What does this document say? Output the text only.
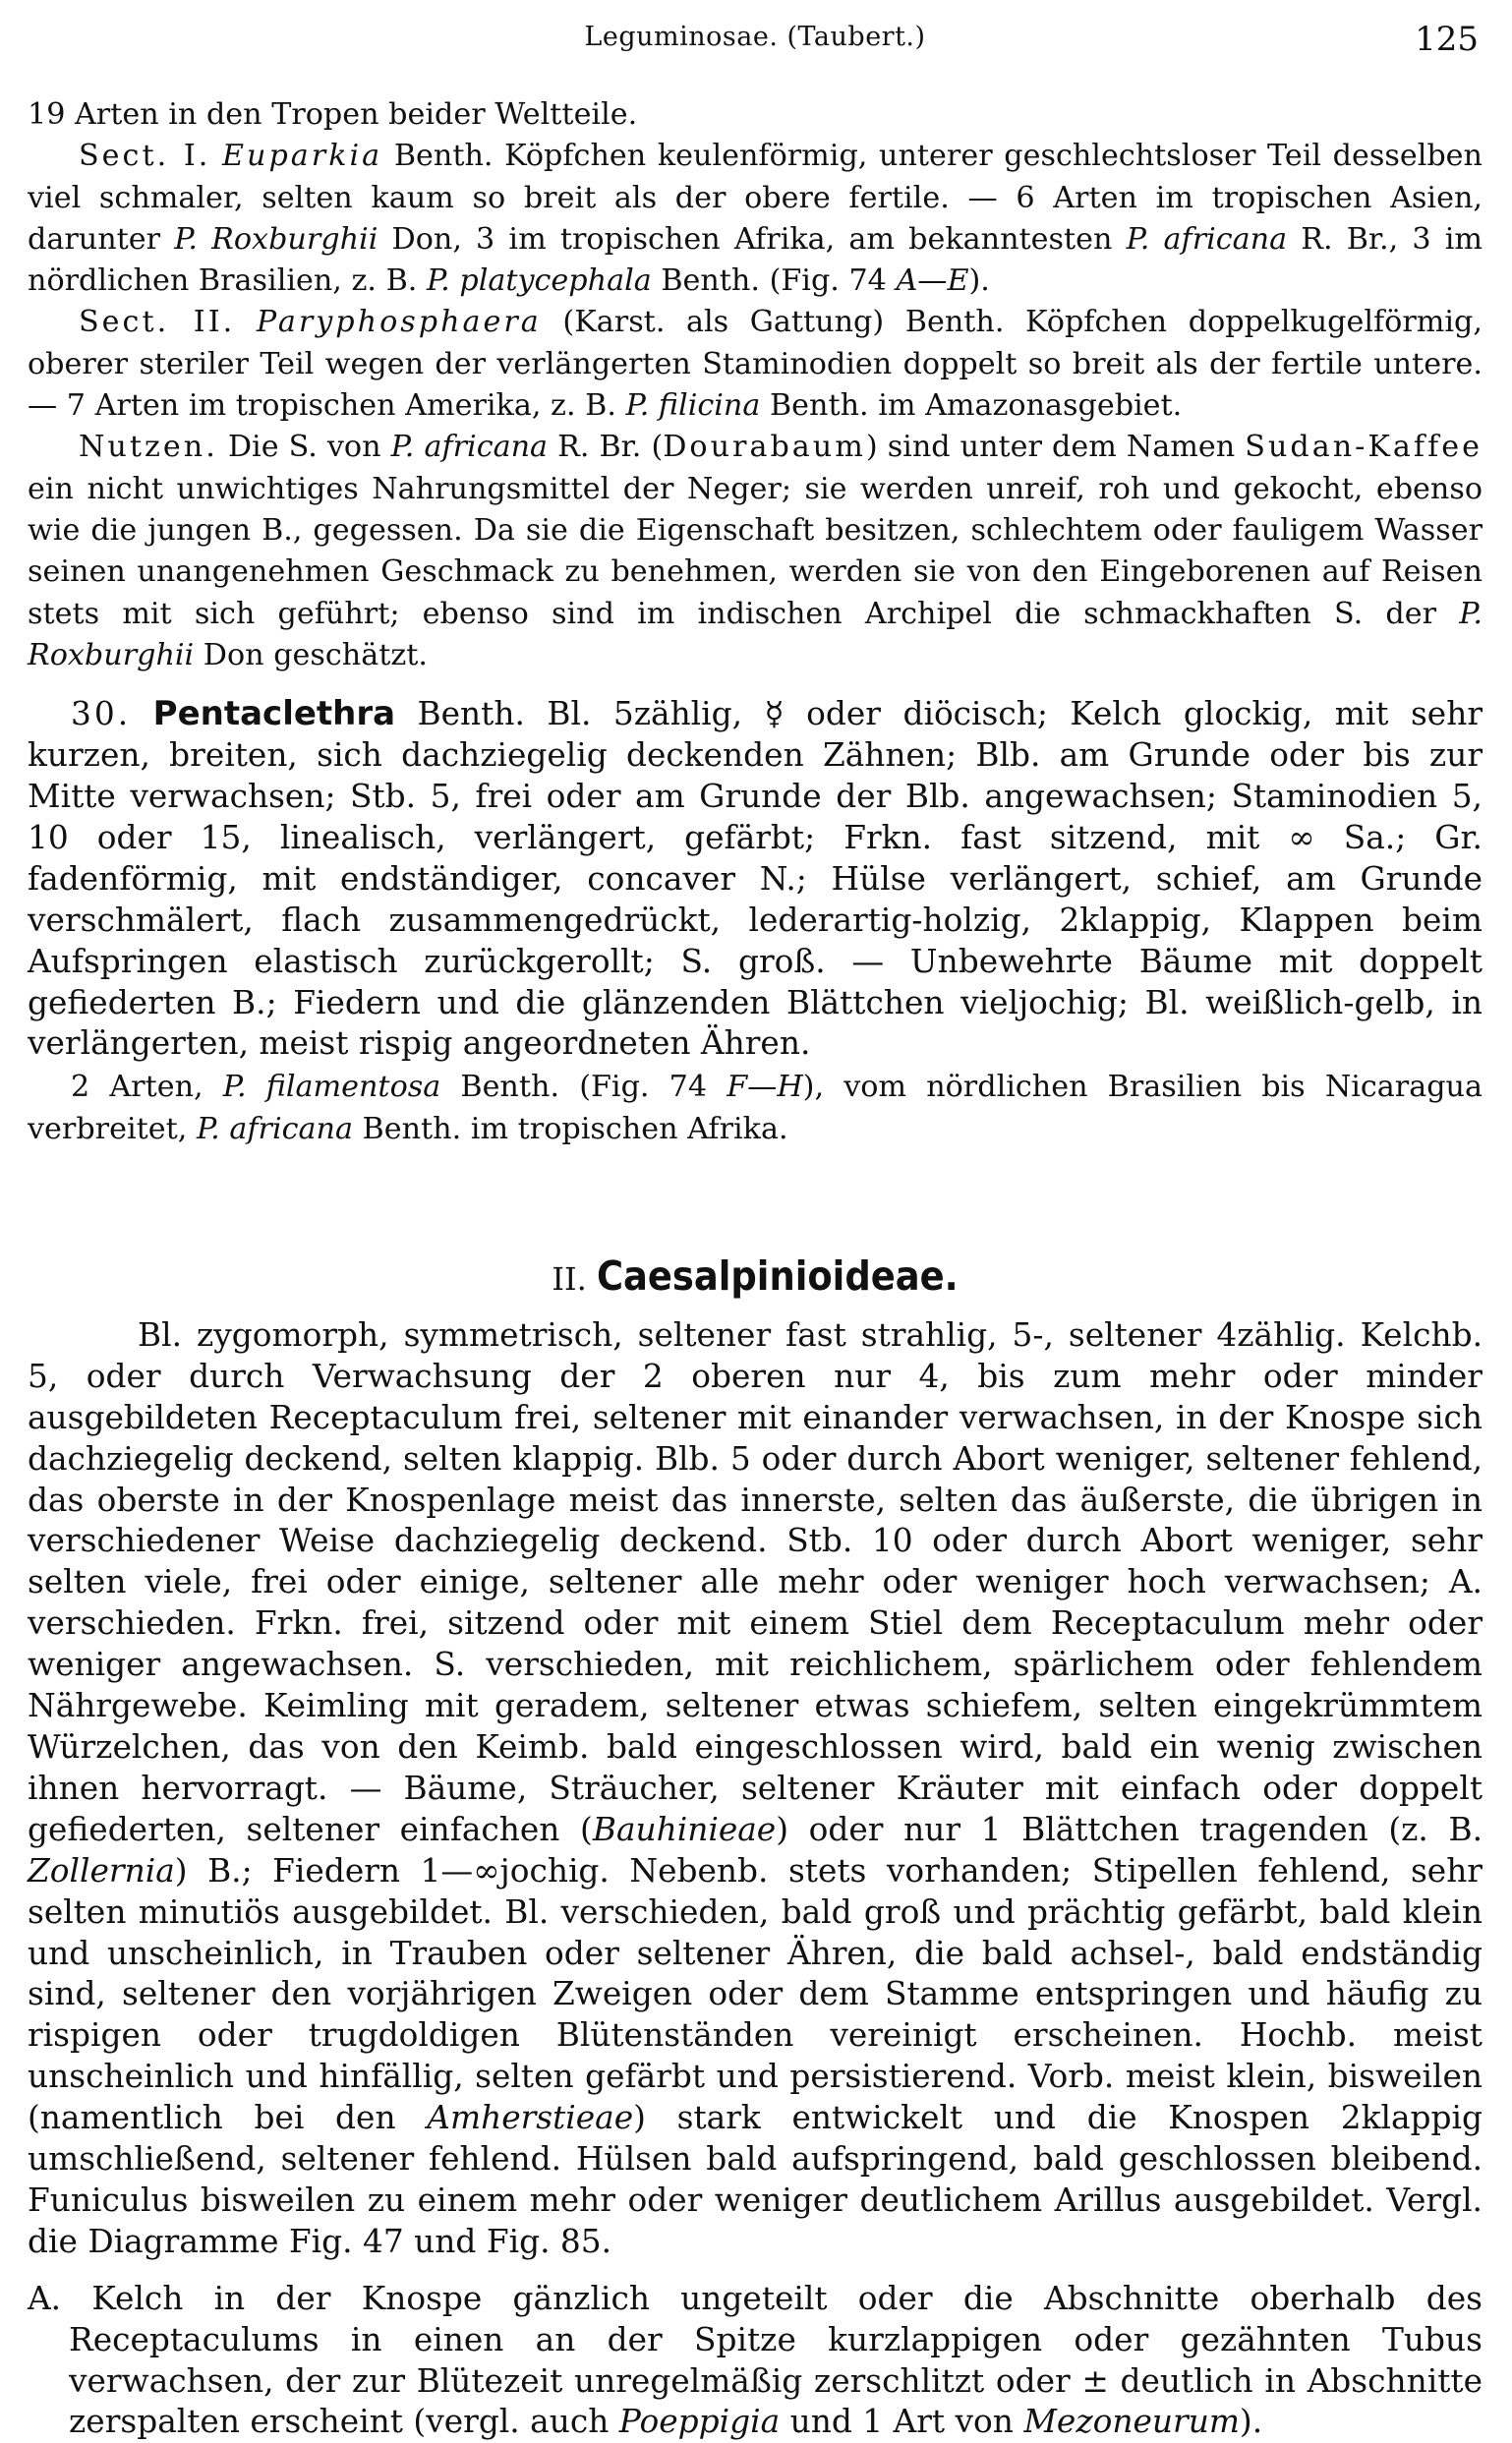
Leguminosae. (Taubert.)	125

19 Arten in den Tropen beider Weltteile.

Sect. I. Euparkia Benth. Köpfchen keulenförmig, unterer geschlechtsloser Teil desselben viel schmaler, selten kaum so breit als der obere fertile. — 6 Arten im tropischen Asien, darunter P. Roxburghii Don, 3 im tropischen Afrika, am bekanntesten P. africana R. Br., 3 im nördlichen Brasilien, z. B. P. platycephala Benth. (Fig. 74 A—E).

Sect. II. Paryphosphaera (Karst. als Gattung) Benth. Köpfchen doppelkugelförmig, oberer steriler Teil wegen der verlängerten Staminodien doppelt so breit als der fertile untere. — 7 Arten im tropischen Amerika, z. B. P. filicina Benth. im Amazonasgebiet.

Nutzen. Die S. von P. africana R. Br. (Dourabaum) sind unter dem Namen Sudan-Kaffee ein nicht unwichtiges Nahrungsmittel der Neger; sie werden unreif, roh und gekocht, ebenso wie die jungen B., gegessen. Da sie die Eigenschaft besitzen, schlechtem oder fauligem Wasser seinen unangenehmen Geschmack zu benehmen, werden sie von den Eingeborenen auf Reisen stets mit sich geführt; ebenso sind im indischen Archipel die schmackhaften S. der P. Roxburghii Don geschätzt.

30. Pentaclethra Benth. Bl. 5zählig, ☿ oder diöcisch; Kelch glockig, mit sehr kurzen, breiten, sich dachziegelig deckenden Zähnen; Blb. am Grunde oder bis zur Mitte verwachsen; Stb. 5, frei oder am Grunde der Blb. angewachsen; Staminodien 5, 10 oder 15, linealisch, verlängert, gefärbt; Frkn. fast sitzend, mit ∞ Sa.; Gr. fadenförmig, mit endständiger, concaver N.; Hülse verlängert, schief, am Grunde verschmälert, flach zusammengedrückt, lederartig-holzig, 2klappig, Klappen beim Aufspringen elastisch zurückgerollt; S. groß. — Unbewehrte Bäume mit doppelt gefiederten B.; Fiedern und die glänzenden Blättchen vieljochig; Bl. weißlich-gelb, in verlängerten, meist rispig angeordneten Ähren.

2 Arten, P. filamentosa Benth. (Fig. 74 F—H), vom nördlichen Brasilien bis Nicaragua verbreitet, P. africana Benth. im tropischen Afrika.

II. Caesalpinioideae.

Bl. zygomorph, symmetrisch, seltener fast strahlig, 5-, seltener 4zählig. Kelchb. 5, oder durch Verwachsung der 2 oberen nur 4, bis zum mehr oder minder ausgebildeten Receptaculum frei, seltener mit einander verwachsen, in der Knospe sich dachziegelig deckend, selten klappig. Blb. 5 oder durch Abort weniger, seltener fehlend, das oberste in der Knospenlage meist das innerste, selten das äußerste, die übrigen in verschiedener Weise dachziegelig deckend. Stb. 10 oder durch Abort weniger, sehr selten viele, frei oder einige, seltener alle mehr oder weniger hoch verwachsen; A. verschieden. Frkn. frei, sitzend oder mit einem Stiel dem Receptaculum mehr oder weniger angewachsen. S. verschieden, mit reichlichem, spärlichem oder fehlendem Nährgewebe. Keimling mit geradem, seltener etwas schiefem, selten eingekrümmtem Würzelchen, das von den Keimb. bald eingeschlossen wird, bald ein wenig zwischen ihnen hervorragt. — Bäume, Sträucher, seltener Kräuter mit einfach oder doppelt gefiederten, seltener einfachen (Bauhinieae) oder nur 1 Blättchen tragenden (z. B. Zollernia) B.; Fiedern 1—∞jochig. Nebenb. stets vorhanden; Stipellen fehlend, sehr selten minutiös ausgebildet. Bl. verschieden, bald groß und prächtig gefärbt, bald klein und unscheinlich, in Trauben oder seltener Ähren, die bald achsel-, bald endständig sind, seltener den vorjährigen Zweigen oder dem Stamme entspringen und häufig zu rispigen oder trugdoldigen Blütenständen vereinigt erscheinen. Hochb. meist unscheinlich und hinfällig, selten gefärbt und persistierend. Vorb. meist klein, bisweilen (namentlich bei den Amherstieae) stark entwickelt und die Knospen 2klappig umschließend, seltener fehlend. Hülsen bald aufspringend, bald geschlossen bleibend. Funiculus bisweilen zu einem mehr oder weniger deutlichem Arillus ausgebildet. Vergl. die Diagramme Fig. 47 und Fig. 85.

A. Kelch in der Knospe gänzlich ungeteilt oder die Abschnitte oberhalb des Receptaculums in einen an der Spitze kurzlappigen oder gezähnten Tubus verwachsen, der zur Blütezeit unregelmäßig zerschlitzt oder ± deutlich in Abschnitte zerspalten erscheint (vergl. auch Poeppigia und 1 Art von Mezoneurum).
